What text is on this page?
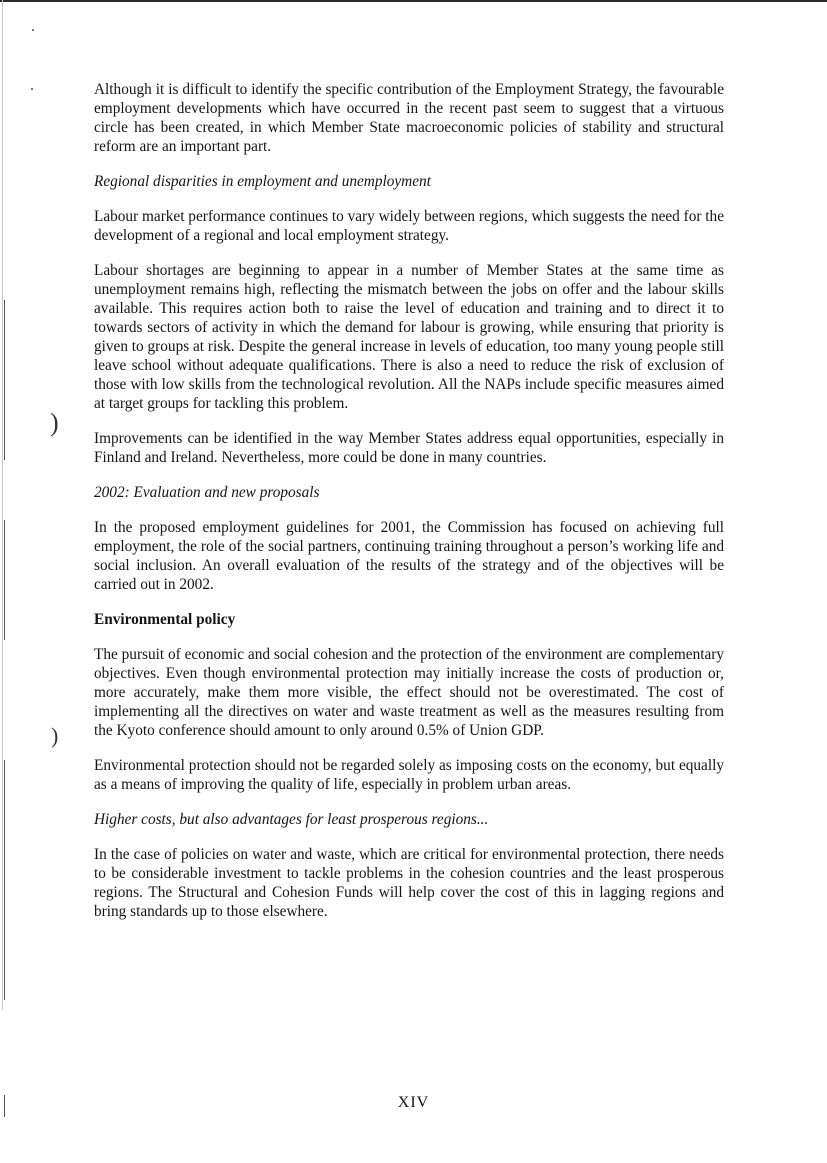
)
)

Although it is difficult to identify the specific contribution of the Employment Strategy, the favourable employment developments which have occurred in the recent past seem to suggest that a virtuous circle has been created, in which Member State macroeconomic policies of stability and structural reform are an important part.

Regional disparities in employment and unemployment

Labour market performance continues to vary widely between regions, which suggests the need for the development of a regional and local employment strategy.

Labour shortages are beginning to appear in a number of Member States at the same time as unemployment remains high, reflecting the mismatch between the jobs on offer and the labour skills available. This requires action both to raise the level of education and training and to direct it to towards sectors of activity in which the demand for labour is growing, while ensuring that priority is given to groups at risk. Despite the general increase in levels of education, too many young people still leave school without adequate qualifications. There is also a need to reduce the risk of exclusion of those with low skills from the technological revolution. All the NAPs include specific measures aimed at target groups for tackling this problem.

Improvements can be identified in the way Member States address equal opportunities, especially in Finland and Ireland. Nevertheless, more could be done in many countries.

2002: Evaluation and new proposals

In the proposed employment guidelines for 2001, the Commission has focused on achieving full employment, the role of the social partners, continuing training throughout a person’s working life and social inclusion. An overall evaluation of the results of the strategy and of the objectives will be carried out in 2002.

Environmental policy

The pursuit of economic and social cohesion and the protection of the environment are complementary objectives. Even though environmental protection may initially increase the costs of production or, more accurately, make them more visible, the effect should not be overestimated. The cost of implementing all the directives on water and waste treatment as well as the measures resulting from the Kyoto conference should amount to only around 0.5% of Union GDP.

Environmental protection should not be regarded solely as imposing costs on the economy, but equally as a means of improving the quality of life, especially in problem urban areas.

Higher costs, but also advantages for least prosperous regions...

In the case of policies on water and waste, which are critical for environmental protection, there needs to be considerable investment to tackle problems in the cohesion countries and the least prosperous regions. The Structural and Cohesion Funds will help cover the cost of this in lagging regions and bring standards up to those elsewhere.

XIV
